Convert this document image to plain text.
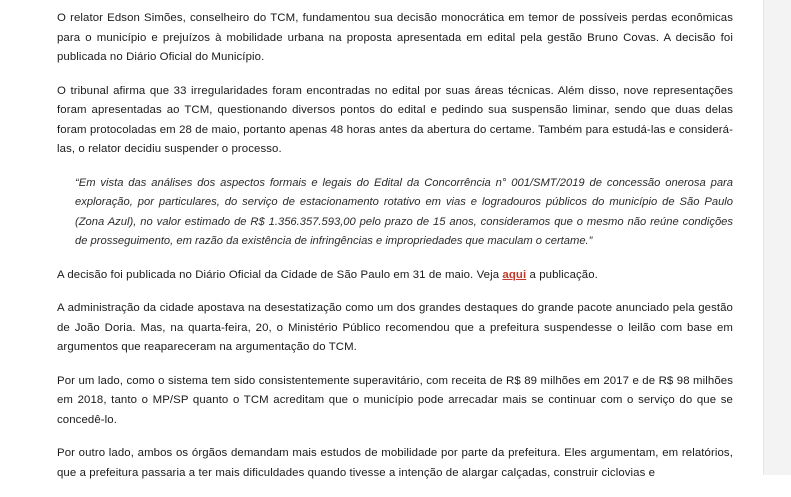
O relator Edson Simões, conselheiro do TCM, fundamentou sua decisão monocrática em temor de possíveis perdas econômicas para o município e prejuízos à mobilidade urbana na proposta apresentada em edital pela gestão Bruno Covas. A decisão foi publicada no Diário Oficial do Município.

O tribunal afirma que 33 irregularidades foram encontradas no edital por suas áreas técnicas. Além disso, nove representações foram apresentadas ao TCM, questionando diversos pontos do edital e pedindo sua suspensão liminar, sendo que duas delas foram protocoladas em 28 de maio, portanto apenas 48 horas antes da abertura do certame. Também para estudá-las e considerá-las, o relator decidiu suspender o processo.

“Em vista das análises dos aspectos formais e legais do Edital da Concorrência n° 001/SMT/2019 de concessão onerosa para exploração, por particulares, do serviço de estacionamento rotativo em vias e logradouros públicos do município de São Paulo (Zona Azul), no valor estimado de R$ 1.356.357.593,00 pelo prazo de 15 anos, consideramos que o mesmo não reúne condições de prosseguimento, em razão da existência de infringências e impropriedades que maculam o certame.”

A decisão foi publicada no Diário Oficial da Cidade de São Paulo em 31 de maio. Veja aqui a publicação.

A administração da cidade apostava na desestatização como um dos grandes destaques do grande pacote anunciado pela gestão de João Doria. Mas, na quarta-feira, 20, o Ministério Público recomendou que a prefeitura suspendesse o leilão com base em argumentos que reapareceram na argumentação do TCM.

Por um lado, como o sistema tem sido consistentemente superavitário, com receita de R$ 89 milhões em 2017 e de R$ 98 milhões em 2018, tanto o MP/SP quanto o TCM acreditam que o município pode arrecadar mais se continuar com o serviço do que se concedê-lo.

Por outro lado, ambos os órgãos demandam mais estudos de mobilidade por parte da prefeitura. Eles argumentam, em relatórios, que a prefeitura passaria a ter mais dificuldades quando tivesse a intenção de alargar calçadas, construir ciclovias e
